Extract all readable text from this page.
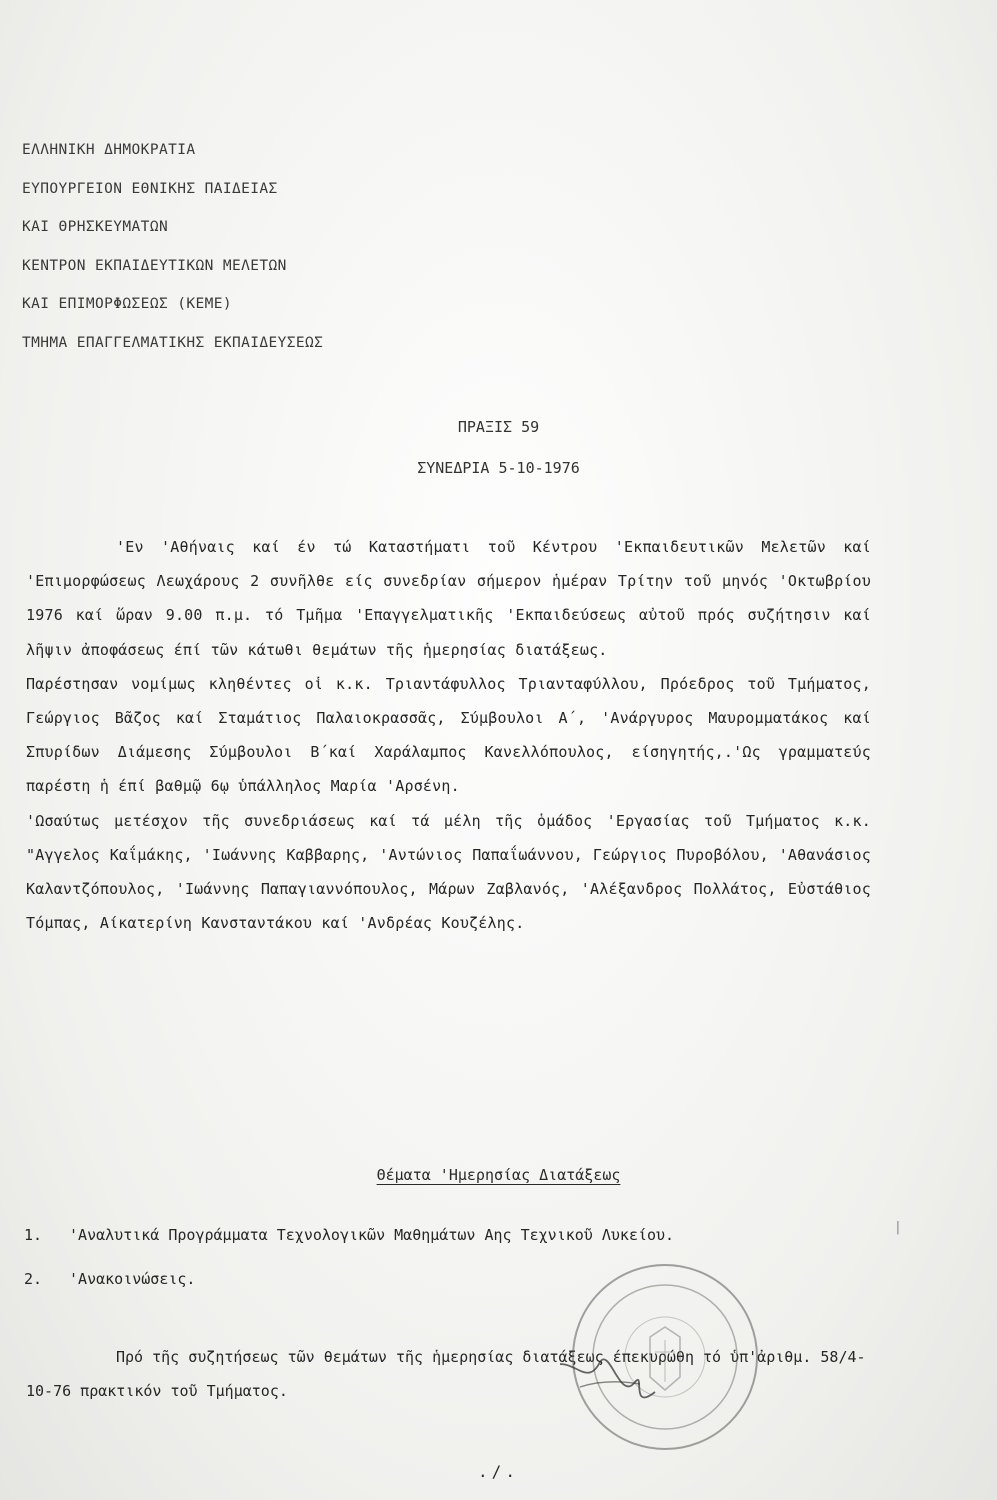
ΕΛΛΗΝΙΚΗ ΔΗΜΟΚΡΑΤΙΑ
ΕΥΠΟΥΡΓΕΙΟΝ ΕΘΝΙΚΗΣ ΠΑΙΔΕΙΑΣ
ΚΑΙ ΘΡΗΣΚΕΥΜΑΤΩΝ
ΚΕΝΤΡΟΝ ΕΚΠΑΙΔΕΥΤΙΚΩΝ ΜΕΛΕΤΩΝ
ΚΑΙ ΕΠΙΜΟΡΦΩΣΕΩΣ (ΚΕΜΕ)
ΤΜΗΜΑ ΕΠΑΓΓΕΛΜΑΤΙΚΗΣ ΕΚΠΑΙΔΕΥΣΕΩΣ
ΠΡΑΞΙΣ 59
ΣΥΝΕΔΡΙΑ 5-10-1976
'Εν 'Αθήναις καί έν τώ Καταστήματι τοῦ Κέντρου 'Εκπαιδευτικῶν Μελετῶν καί 'Επιμορφώσεως Λεωχάρους 2 συνῆλθε είς συνεδρίαν σήμερον ἡμέραν Τρίτην τοῦ μηνός 'Οκτωβρίου 1976 καί ὥραν 9.00 π.μ. τό Τμῆμα 'Επαγγελματικῆς 'Εκπαιδεύσεως αὐτοῦ πρός συζήτησιν καί λῆψιν ἀποφάσεως έπί τῶν κάτωθι θεμάτων τῆς ἡμερησίας διατάξεως.
Παρέστησαν νομίμως κληθέντες οἱ κ.κ. Τριαντάφυλλος Τριανταφύλλου, Πρόεδρος τοῦ Τμήματος, Γεώργιος Βᾶζος καί Σταμάτιος Παλαιοκρασσᾶς, Σύμβουλοι Α΄, 'Ανάργυρος Μαυρομματάκος καί Σπυρίδων Διάμεσης Σύμβουλοι Β΄καί Χαράλαμπος Κανελλόπουλος, είσηγητής,.'Ως γραμματεύς παρέστη ἡ έπί βαθμῷ 6ῳ ὑπάλληλος Μαρία 'Αρσένη.
'Ωσαύτως μετέσχον τῆς συνεδριάσεως καί τά μέλη τῆς ὁμάδος 'Εργασίας τοῦ Τμήματος κ.κ. "Αγγελος Καΐμάκης, 'Ιωάννης Καββαρης, 'Αντώνιος Παπαΐωάννου, Γεώργιος Πυροβόλου, 'Αθανάσιος Καλαντζόπουλος, 'Ιωάννης Παπαγιαννόπουλος, Μάρων Ζαβλανός, 'Αλέξανδρος Πολλάτος, Εὐστάθιος Τόμπας, Αίκατερίνη Κανσταντάκου καί 'Ανδρέας Κουζέλης.
Θέματα 'Ημερησίας Διατάξεως
1. 'Αναλυτικά Προγράμματα Τεχνολογικῶν Μαθημάτων Αης Τεχνικοῦ Λυκείου.
2. 'Ανακοινώσεις.
Πρό τῆς συζητήσεως τῶν θεμάτων τῆς ἡμερησίας διατάξεως έπεκυρώθη τό ὑπ'ἀριθμ. 58/4-10-76 πρακτικόν τοῦ Τμήματος.
|
./.
